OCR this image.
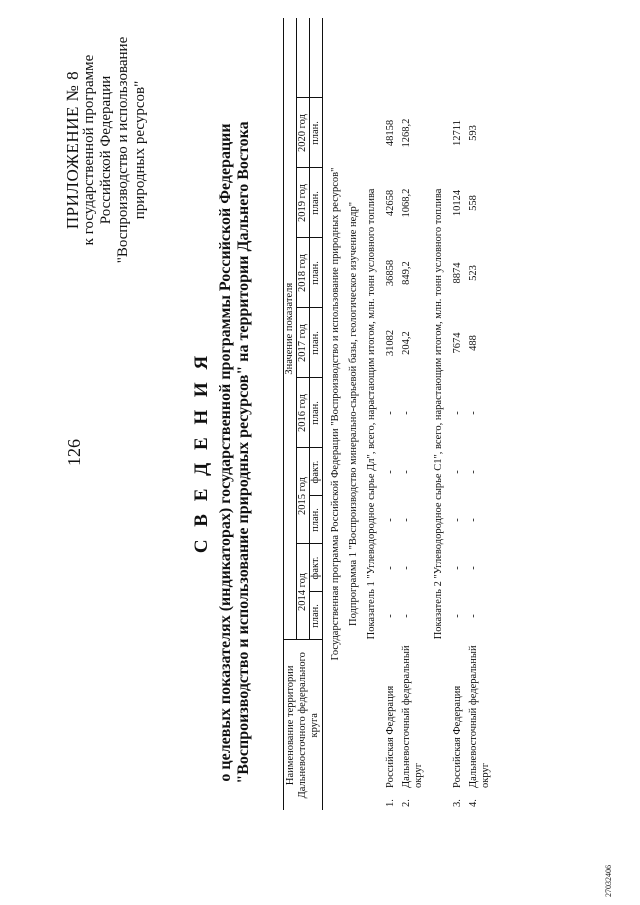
126
ПРИЛОЖЕНИЕ № 8 к государственной программе Российской Федерации "Воспроизводство и использование природных ресурсов"
С В Е Д Е Н И Я о целевых показателях (индикаторах) государственной программы Российской Федерации "Воспроизводство и использование природных ресурсов" на территории Дальнего Востока	Наименование территории Дальневосточного федерального круга		Значение показателя									
		2014 год		2015 год		2016 год	2017 год	2018 год	2019 год	2020 год	
		план.	факт.	план.	факт.	план.	план.	план.	план.	план.	
Государственная программа Российской Федерации "Воспроизводство и использование природных ресурсов"											
Подпрограмма 1 "Воспроизводство минерально-сырьевой базы, геологическое изучение недр"											
Показатель 1 "Углеводородное сырье Дл", всего, нарастающим итогом, млн. тонн условного топлива											
1.	Российская Федерация	-	-	-	-	-	31082	36858	42658	48158	
2.	Дальневосточный федеральный округ	-	-	-	-	-	204,2	849,2	1068,2	1268,2	
Показатель 2 "Углеводородное сырье С1", всего, нарастающим итогом, млн. тонн условного топлива											
3.	Российская Федерация	-	-	-	-	-	7674	8874	10124	12711	
4.	Дальневосточный федеральный округ	-	-	-	-	-	488	523	558	593	
27032406
